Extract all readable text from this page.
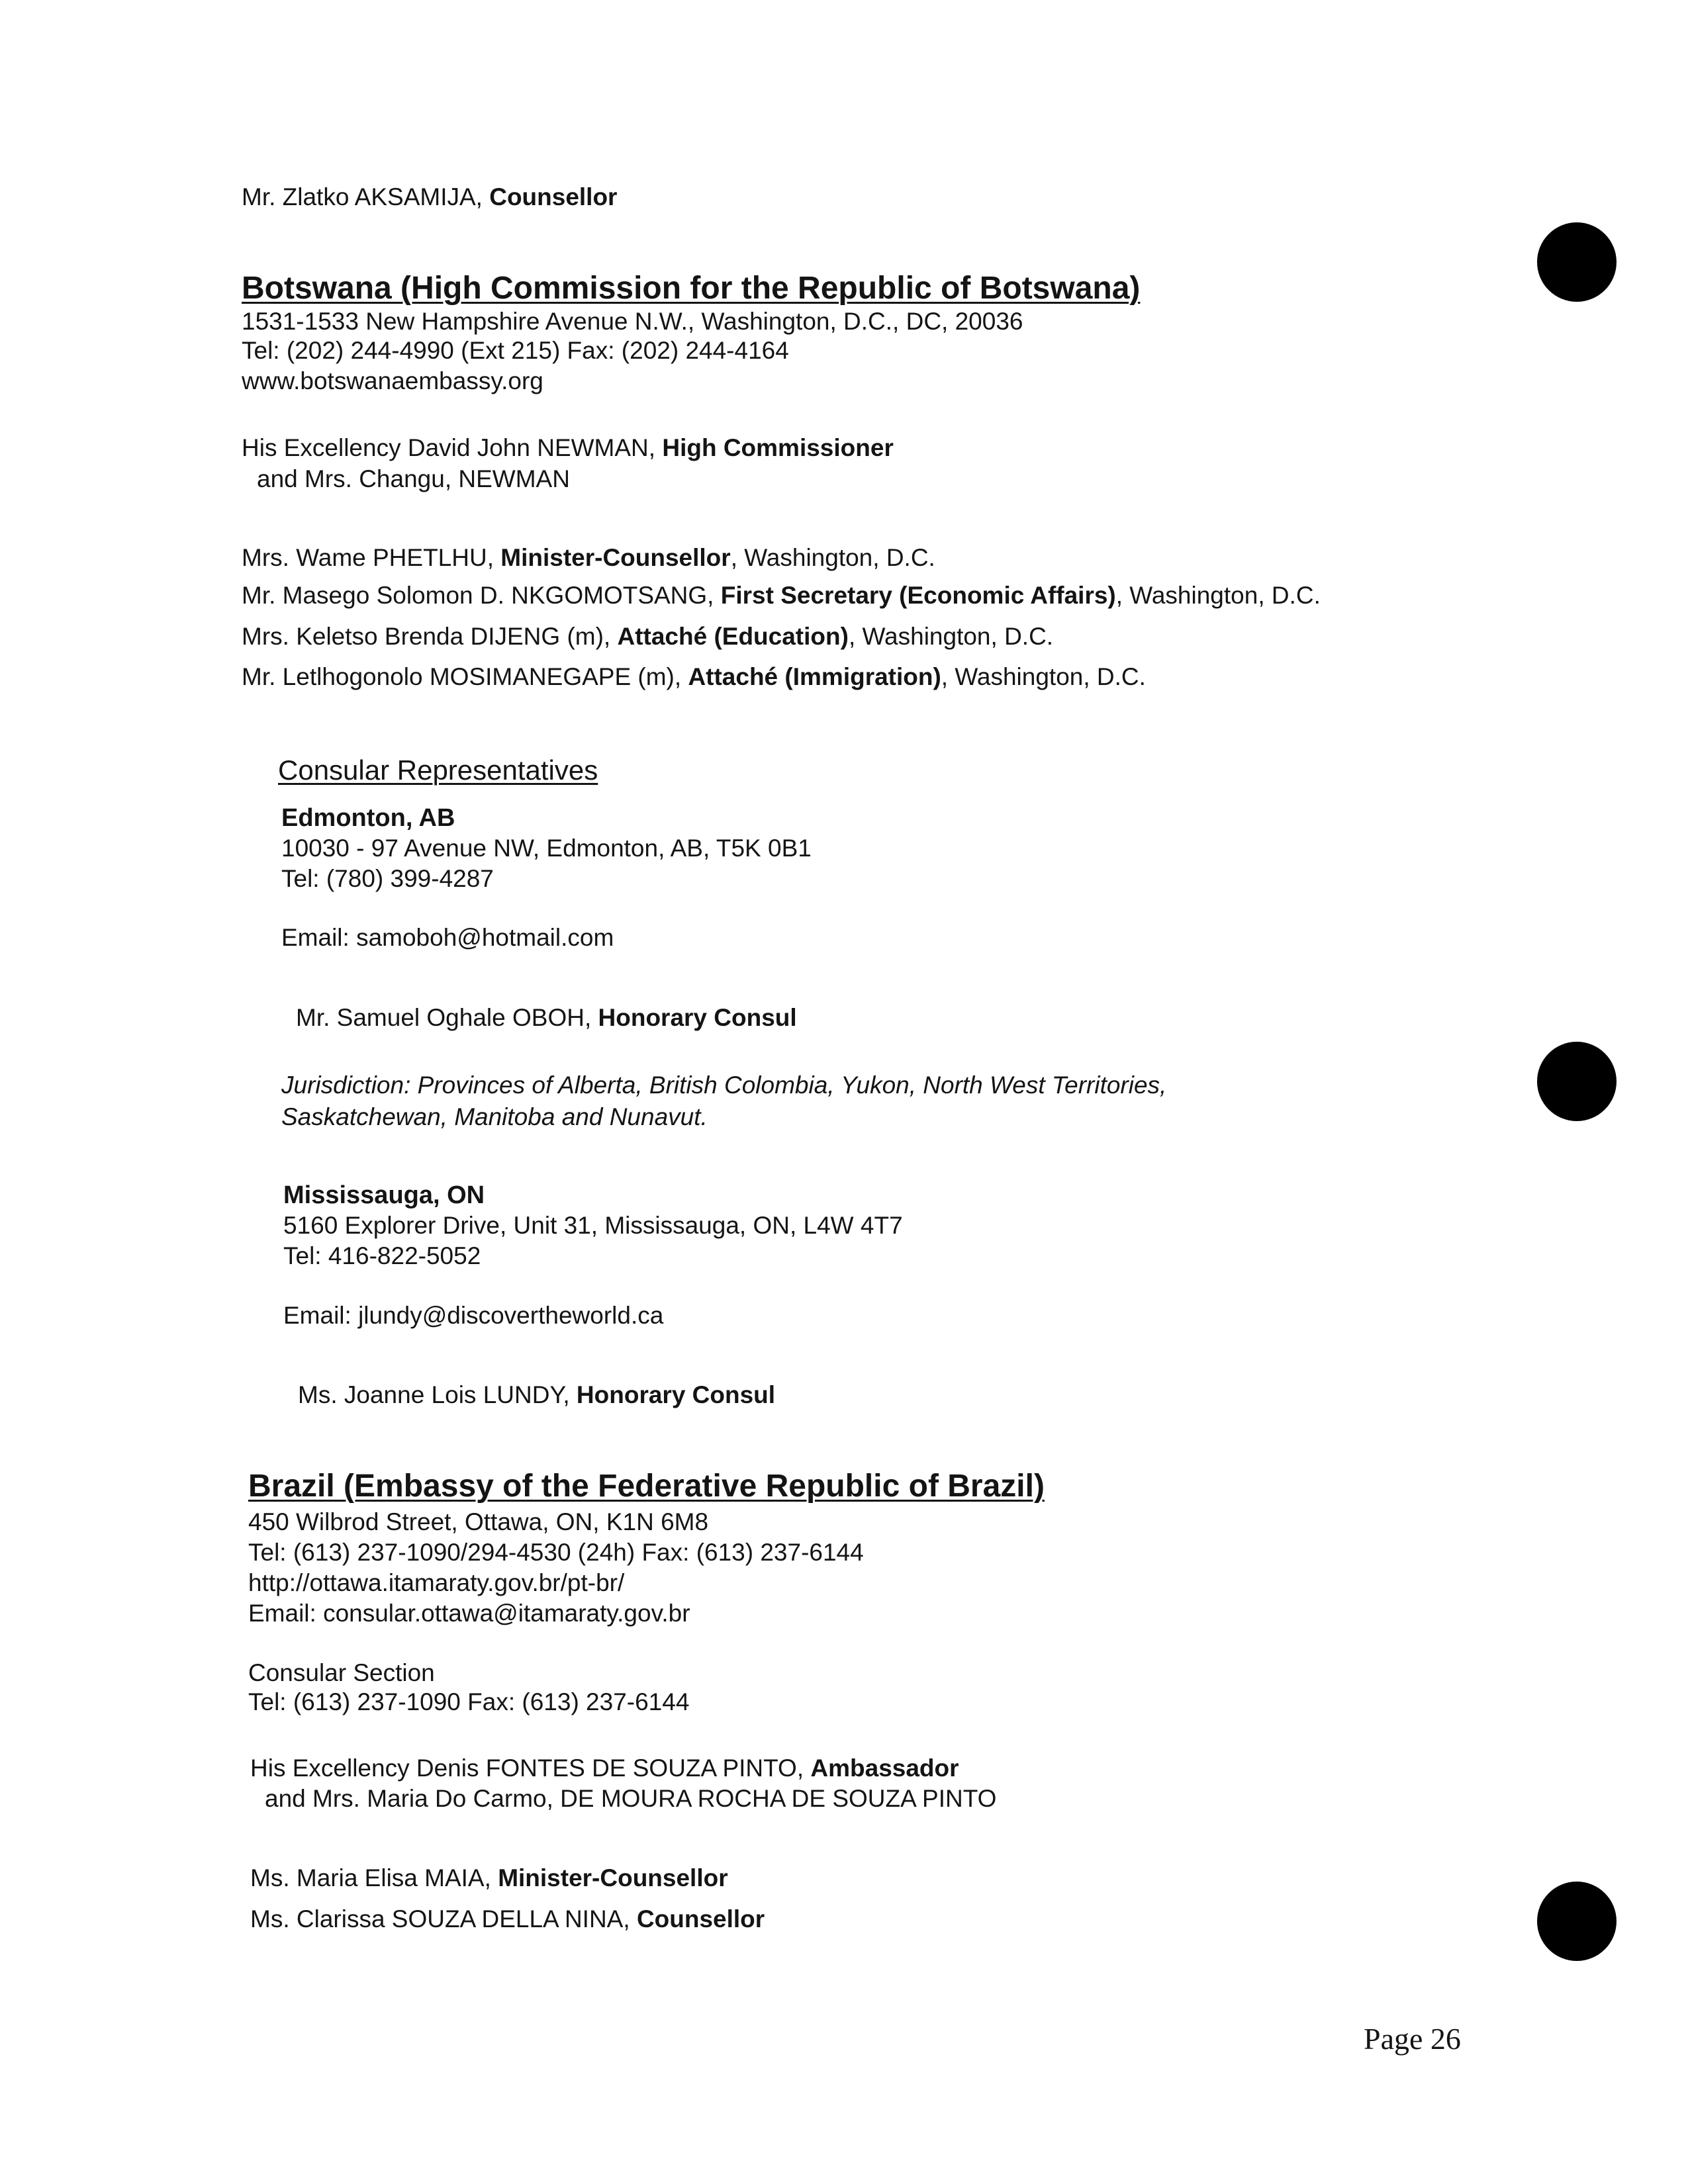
Mr. Zlatko AKSAMIJA, Counsellor
Botswana (High Commission for the Republic of Botswana)
1531-1533 New Hampshire Avenue N.W., Washington, D.C., DC, 20036
Tel: (202) 244-4990 (Ext 215) Fax: (202) 244-4164
www.botswanaembassy.org
His Excellency David John NEWMAN, High Commissioner
and Mrs. Changu, NEWMAN
Mrs. Wame PHETLHU, Minister-Counsellor, Washington, D.C.
Mr. Masego Solomon D. NKGOMOTSANG, First Secretary (Economic Affairs), Washington, D.C.
Mrs. Keletso Brenda DIJENG (m), Attaché (Education), Washington, D.C.
Mr. Letlhogonolo MOSIMANEGAPE (m), Attaché (Immigration), Washington, D.C.
Consular Representatives
Edmonton, AB
10030 - 97 Avenue NW, Edmonton, AB, T5K 0B1
Tel: (780) 399-4287
Email: samoboh@hotmail.com
Mr. Samuel Oghale OBOH, Honorary Consul
Jurisdiction: Provinces of Alberta, British Colombia, Yukon, North West Territories,
Saskatchewan, Manitoba and Nunavut.
Mississauga, ON
5160 Explorer Drive, Unit 31, Mississauga, ON, L4W 4T7
Tel: 416-822-5052
Email: jlundy@discovertheworld.ca
Ms. Joanne Lois LUNDY, Honorary Consul
Brazil (Embassy of the Federative Republic of Brazil)
450 Wilbrod Street, Ottawa, ON, K1N 6M8
Tel: (613) 237-1090/294-4530 (24h) Fax: (613) 237-6144
http://ottawa.itamaraty.gov.br/pt-br/
Email: consular.ottawa@itamaraty.gov.br
Consular Section
Tel: (613) 237-1090 Fax: (613) 237-6144
His Excellency Denis FONTES DE SOUZA PINTO, Ambassador
and Mrs. Maria Do Carmo, DE MOURA ROCHA DE SOUZA PINTO
Ms. Maria Elisa MAIA, Minister-Counsellor
Ms. Clarissa SOUZA DELLA NINA, Counsellor
Page 26
